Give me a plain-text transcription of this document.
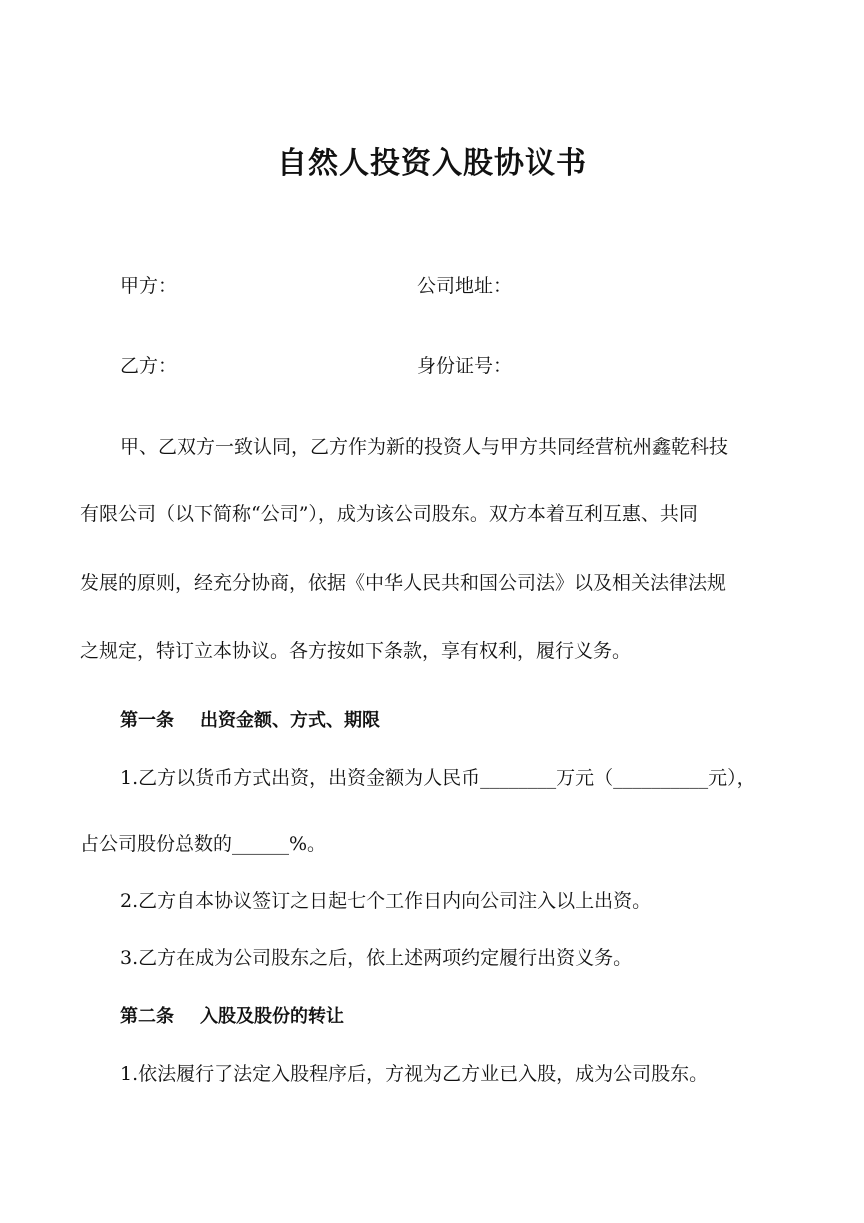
自然人投资入股协议书
甲方：	公司地址：
乙方：	身份证号：
甲、乙双方一致认同，乙方作为新的投资人与甲方共同经营杭州鑫乾科技
有限公司（以下简称“公司”），成为该公司股东。双方本着互利互惠、共同
发展的原则，经充分协商，依据《中华人民共和国公司法》以及相关法律法规
之规定，特订立本协议。各方按如下条款，享有权利，履行义务。
第一条 出资金额、方式、期限
1.乙方以货币方式出资，出资金额为人民币________万元（__________元），
占公司股份总数的______%。
2.乙方自本协议签订之日起七个工作日内向公司注入以上出资。
3.乙方在成为公司股东之后，依上述两项约定履行出资义务。
第二条 入股及股份的转让
1.依法履行了法定入股程序后，方视为乙方业已入股，成为公司股东。
